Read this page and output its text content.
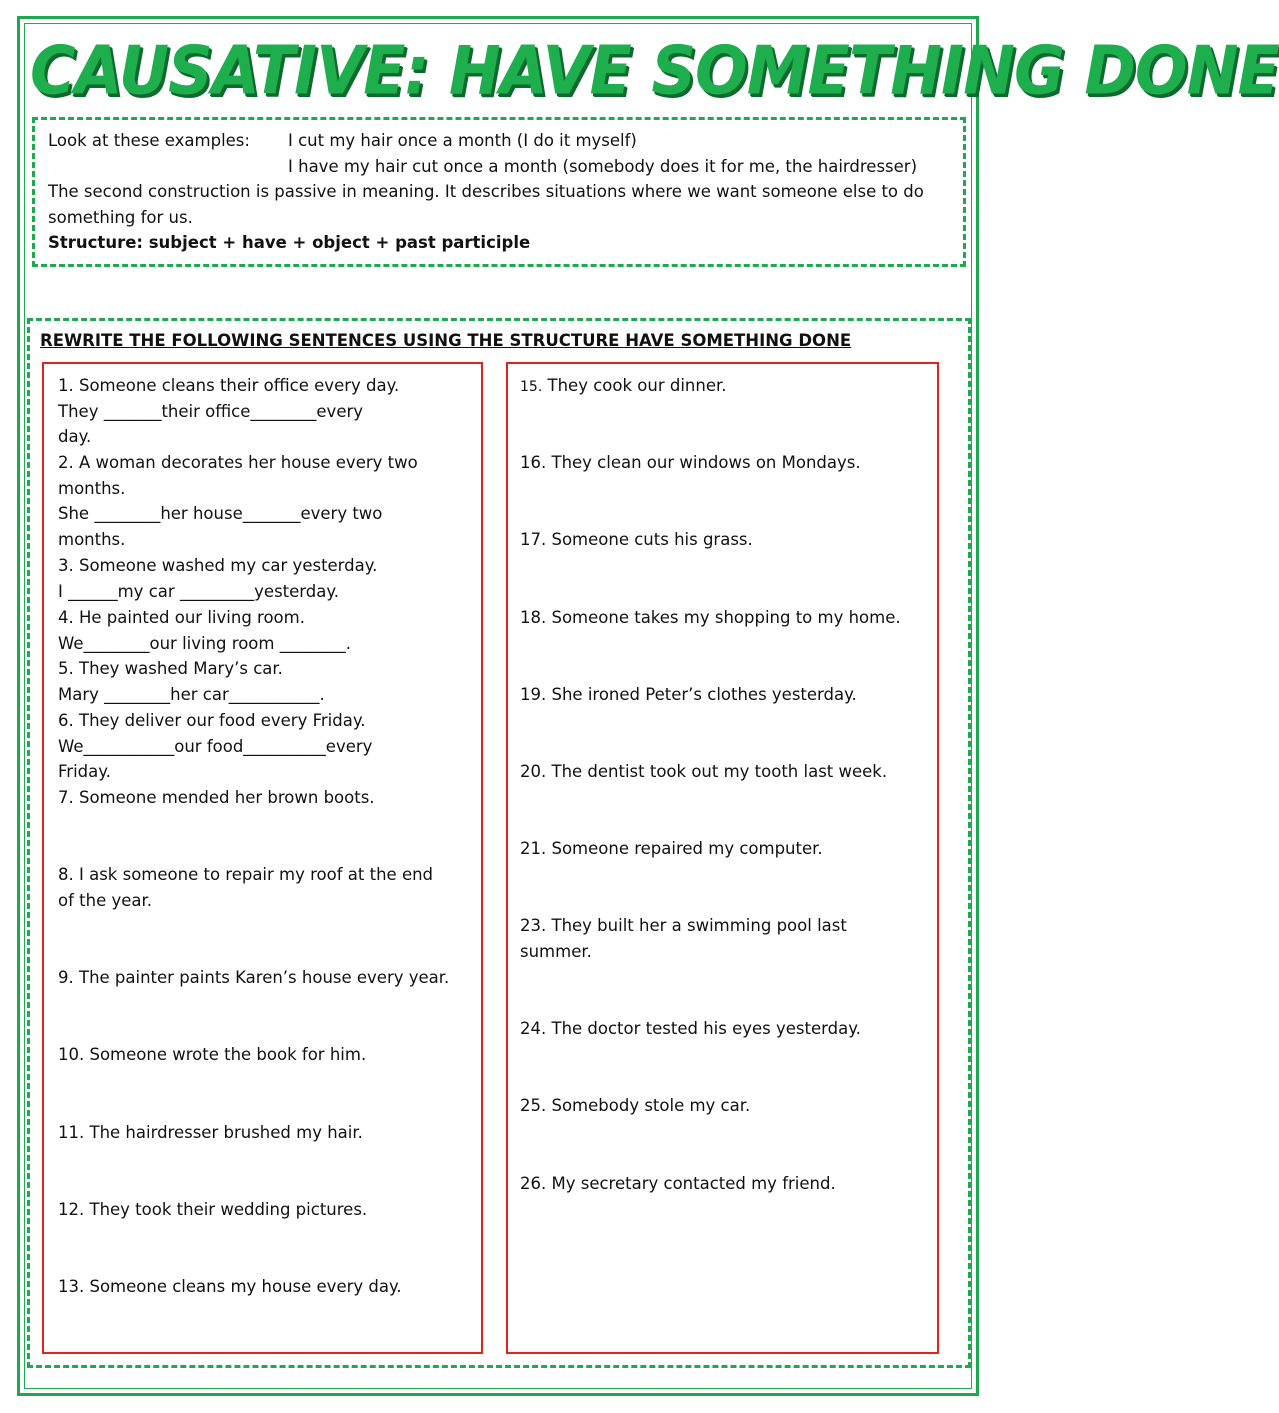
CAUSATIVE: HAVE SOMETHING DONE
Look at these examples: I cut my hair once a month (I do it myself)
I have my hair cut once a month (somebody does it for me, the hairdresser)
The second construction is passive in meaning. It describes situations where we want someone else to do
something for us.
Structure: subject + have + object + past participle

REWRITE THE FOLLOWING SENTENCES USING THE STRUCTURE HAVE SOMETHING DONE

1. Someone cleans their office every day.
They _______their office________every
day.
2. A woman decorates her house every two
months.
She ________her house_______every two
months.
3. Someone washed my car yesterday.
I ______my car _________yesterday.
4. He painted our living room.
We________our living room ________.
5. They washed Mary’s car.
Mary ________her car___________.
6. They deliver our food every Friday.
We___________our food__________every
Friday.
7. Someone mended her brown boots.
8. I ask someone to repair my roof at the end
of the year.
9. The painter paints Karen’s house every year.
10. Someone wrote the book for him.
11. The hairdresser brushed my hair.
12. They took their wedding pictures.
13. Someone cleans my house every day.
15. They cook our dinner.
16. They clean our windows on Mondays.
17. Someone cuts his grass.
18. Someone takes my shopping to my home.
19. She ironed Peter’s clothes yesterday.
20. The dentist took out my tooth last week.
21. Someone repaired my computer.
23. They built her a swimming pool last
summer.
24. The doctor tested his eyes yesterday.
25. Somebody stole my car.
26. My secretary contacted my friend.
